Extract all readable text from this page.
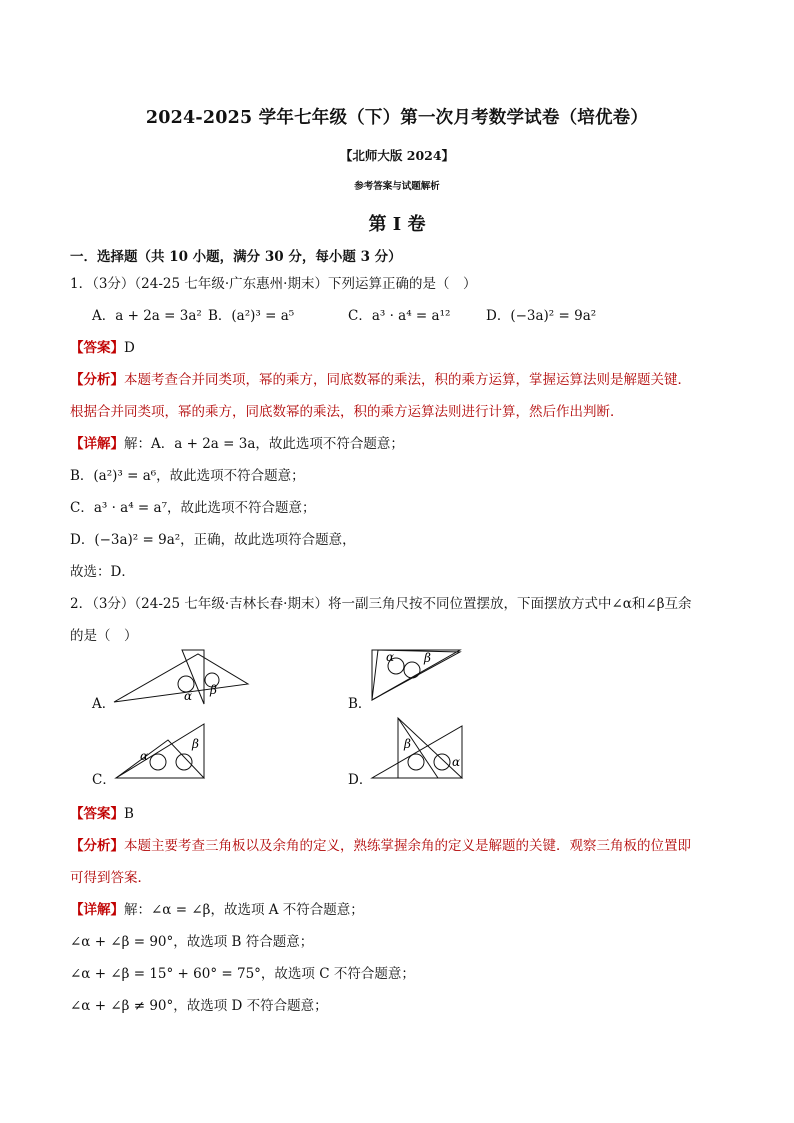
2024-2025 学年七年级（下）第一次月考数学试卷（培优卷）
【北师大版 2024】
参考答案与试题解析
第 I 卷
一．选择题（共 10 小题，满分 30 分，每小题 3 分）
1．（3分）（24-25 七年级·广东惠州·期末）下列运算正确的是（　）
A．a + 2a = 3a² B．(a²)³ = a⁵	C．a³ · a⁴ = a¹²	D．(−3a)² = 9a²
【答案】D
【分析】本题考查合并同类项，幂的乘方，同底数幂的乘法，积的乘方运算，掌握运算法则是解题关键．
根据合并同类项，幂的乘方，同底数幂的乘法，积的乘方运算法则进行计算，然后作出判断．
【详解】解：A．a + 2a = 3a，故此选项不符合题意；
B．(a²)³ = a⁶，故此选项不符合题意；
C．a³ · a⁴ = a⁷，故此选项不符合题意；
D．(−3a)² = 9a²，正确，故此选项符合题意，
故选：D．
2．（3分）（24-25 七年级·吉林长春·期末）将一副三角尺按不同位置摆放，下面摆放方式中∠α和∠β互余
的是（　）
A．	α β
B．
α β
C．
α
β
D．
β
α
【答案】B
【分析】本题主要考查三角板以及余角的定义，熟练掌握余角的定义是解题的关键．观察三角板的位置即
可得到答案．
【详解】解：∠α = ∠β，故选项 A 不符合题意；
∠α + ∠β = 90°，故选项 B 符合题意；
∠α + ∠β = 15° + 60° = 75°，故选项 C 不符合题意；
∠α + ∠β ≠ 90°，故选项 D 不符合题意；
